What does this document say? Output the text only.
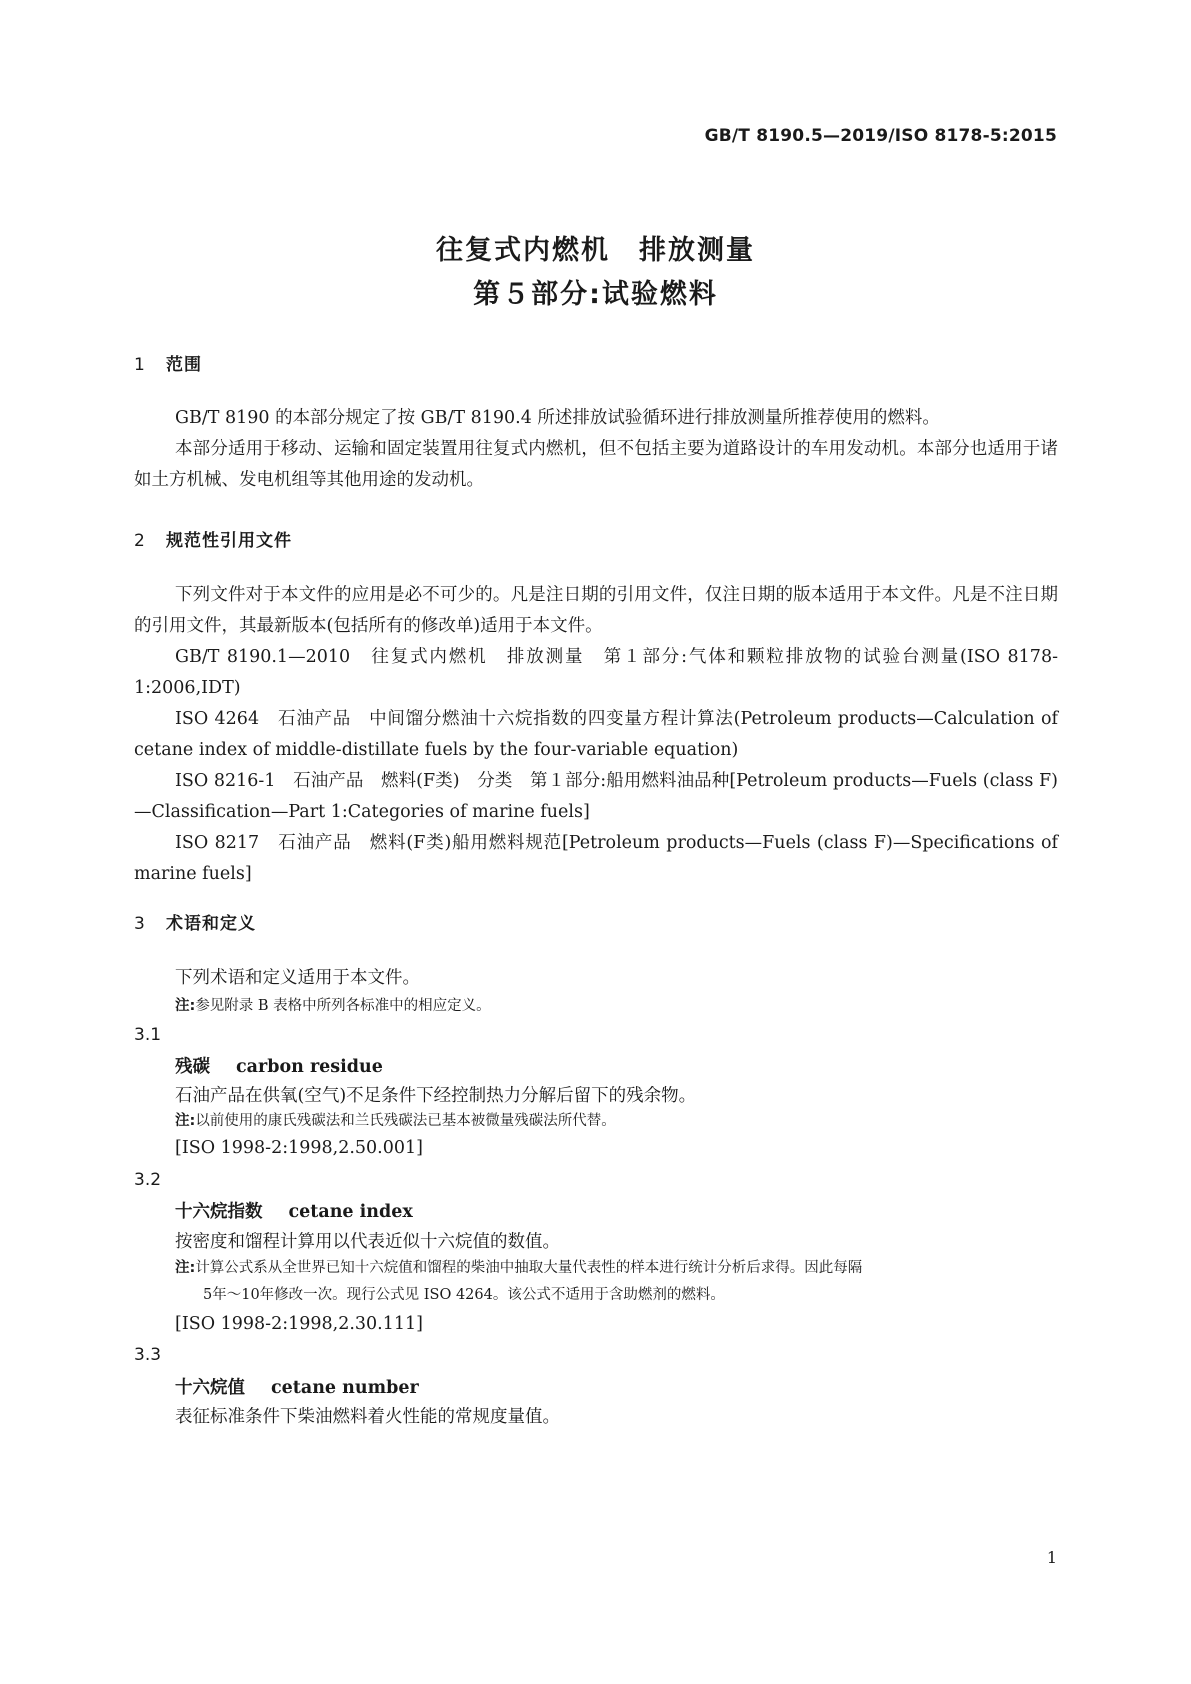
GB/T 8190.5—2019/ISO 8178-5:2015
往复式内燃机　排放测量
第５部分:试验燃料
1 范围

GB/T 8190 的本部分规定了按 GB/T 8190.4 所述排放试验循环进行排放测量所推荐使用的燃料。

本部分适用于移动、运输和固定装置用往复式内燃机，但不包括主要为道路设计的车用发动机。本部分也适用于诸如土方机械、发电机组等其他用途的发动机。

2 规范性引用文件

下列文件对于本文件的应用是必不可少的。凡是注日期的引用文件，仅注日期的版本适用于本文件。凡是不注日期的引用文件，其最新版本(包括所有的修改单)适用于本文件。

GB/T 8190.1—2010　往复式内燃机　排放测量　第１部分:气体和颗粒排放物的试验台测量(ISO 8178-1:2006,IDT)

ISO 4264　石油产品　中间馏分燃油十六烷指数的四变量方程计算法(Petroleum products—Calculation of cetane index of middle-distillate fuels by the four-variable equation)

ISO 8216-1　石油产品　燃料(F类)　分类　第１部分:船用燃料油品种[Petroleum products—Fuels (class F)—Classification—Part 1:Categories of marine fuels]

ISO 8217　石油产品　燃料(F类)船用燃料规范[Petroleum products—Fuels (class F)—Specifications of marine fuels]

3 术语和定义
下列术语和定义适用于本文件。
注:参见附录 B 表格中所列各标准中的相应定义。
3.1
残碳 carbon residue
石油产品在供氧(空气)不足条件下经控制热力分解后留下的残余物。
注:以前使用的康氏残碳法和兰氏残碳法已基本被微量残碳法所代替。
[ISO 1998-2:1998,2.50.001]
3.2
十六烷指数 cetane index
按密度和馏程计算用以代表近似十六烷值的数值。
注:计算公式系从全世界已知十六烷值和馏程的柴油中抽取大量代表性的样本进行统计分析后求得。因此每隔
5年～10年修改一次。现行公式见 ISO 4264。该公式不适用于含助燃剂的燃料。
[ISO 1998-2:1998,2.30.111]
3.3
十六烷值 cetane number
表征标准条件下柴油燃料着火性能的常规度量值。
1
